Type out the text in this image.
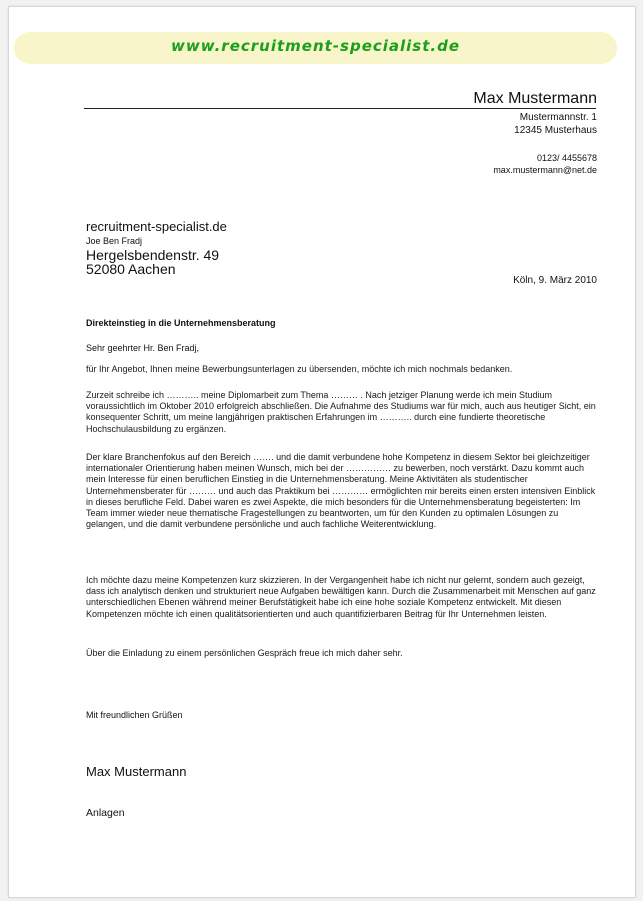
www.recruitment-specialist.de
Max Mustermann
Mustermannstr. 1
12345 Musterhaus
0123/ 4455678
max.mustermann@net.de
recruitment-specialist.de
Joe Ben Fradj
Hergelsbendenstr. 49
52080 Aachen
Köln, 9. März 2010
Direkteinstieg in die Unternehmensberatung
Sehr geehrter Hr. Ben Fradj,
für Ihr Angebot, Ihnen meine Bewerbungsunterlagen zu übersenden, möchte ich mich nochmals bedanken.
Zurzeit schreibe ich ……….. meine Diplomarbeit zum Thema ……… . Nach jetziger Planung werde ich mein Studium voraussichtlich im Oktober 2010 erfolgreich abschließen. Die Aufnahme des Studiums war für mich, auch aus heutiger Sicht, ein konsequenter Schritt, um meine langjährigen praktischen Erfahrungen im ……….. durch eine fundierte theoretische Hochschulausbildung zu ergänzen.
Der klare Branchenfokus auf den Bereich ……. und die damit verbundene hohe Kompetenz in diesem Sektor bei gleichzeitiger internationaler Orientierung haben meinen Wunsch, mich bei der …………… zu bewerben, noch verstärkt. Dazu kommt auch mein Interesse für einen beruflichen Einstieg in die Unternehmensberatung. Meine Aktivitäten als studentischer Unternehmensberater für ……… und auch das Praktikum bei ………… ermöglichten mir bereits einen ersten intensiven Einblick in dieses berufliche Feld. Dabei waren es zwei Aspekte, die mich besonders für die Unternehmensberatung begeisterten: Im Team immer wieder neue thematische Fragestellungen zu beantworten, um für den Kunden zu optimalen Lösungen zu gelangen, und die damit verbundene persönliche und auch fachliche Weiterentwicklung.
Ich möchte dazu meine Kompetenzen kurz skizzieren. In der Vergangenheit habe ich nicht nur gelernt, sondern auch gezeigt, dass ich analytisch denken und strukturiert neue Aufgaben bewältigen kann. Durch die Zusammenarbeit mit Menschen auf ganz unterschiedlichen Ebenen während meiner Berufstätigkeit habe ich eine hohe soziale Kompetenz entwickelt. Mit diesen Kompetenzen möchte ich einen qualitätsorientierten und auch quantifizierbaren Beitrag für Ihr Unternehmen leisten.
Über die Einladung zu einem persönlichen Gespräch freue ich mich daher sehr.
Mit freundlichen Grüßen
Max Mustermann
Anlagen
